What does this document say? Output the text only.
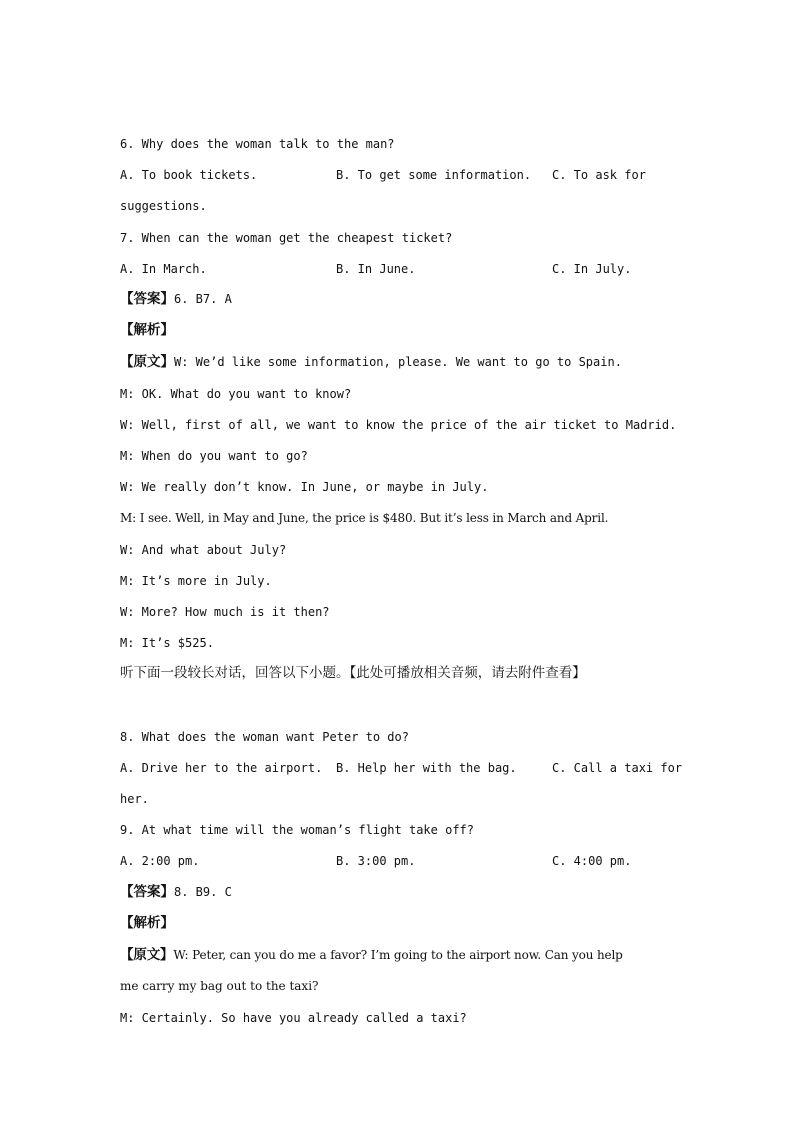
6. Why does the woman talk to the man?
A. To book tickets.	B. To get some information. C. To ask for
suggestions.
7. When can the woman get the cheapest ticket?
A. In March.	B. In June.	C. In July.
【答案】6. B7. A
【解析】
【原文】W: We’d like some information, please. We want to go to Spain.
M: OK. What do you want to know?
W: Well, first of all, we want to know the price of the air ticket to Madrid.
M: When do you want to go?
W: We really don’t know. In June, or maybe in July.
M: I see. Well, in May and June, the price is $480. But it’s less in March and April.
W: And what about July?
M: It’s more in July.
W: More? How much is it then?
M: It’s $525.
听下面一段较长对话，回答以下小题。【此处可播放相关音频，请去附件查看】
8. What does the woman want Peter to do?
A. Drive her to the airport. B. Help her with the bag.	C. Call a taxi for
her.
9. At what time will the woman’s flight take off?
A. 2:00 pm.	B. 3:00 pm.	C. 4:00 pm.
【答案】8. B9. C
【解析】
【原文】W: Peter, can you do me a favor? I’m going to the airport now. Can you help
me carry my bag out to the taxi?
M: Certainly. So have you already called a taxi?
